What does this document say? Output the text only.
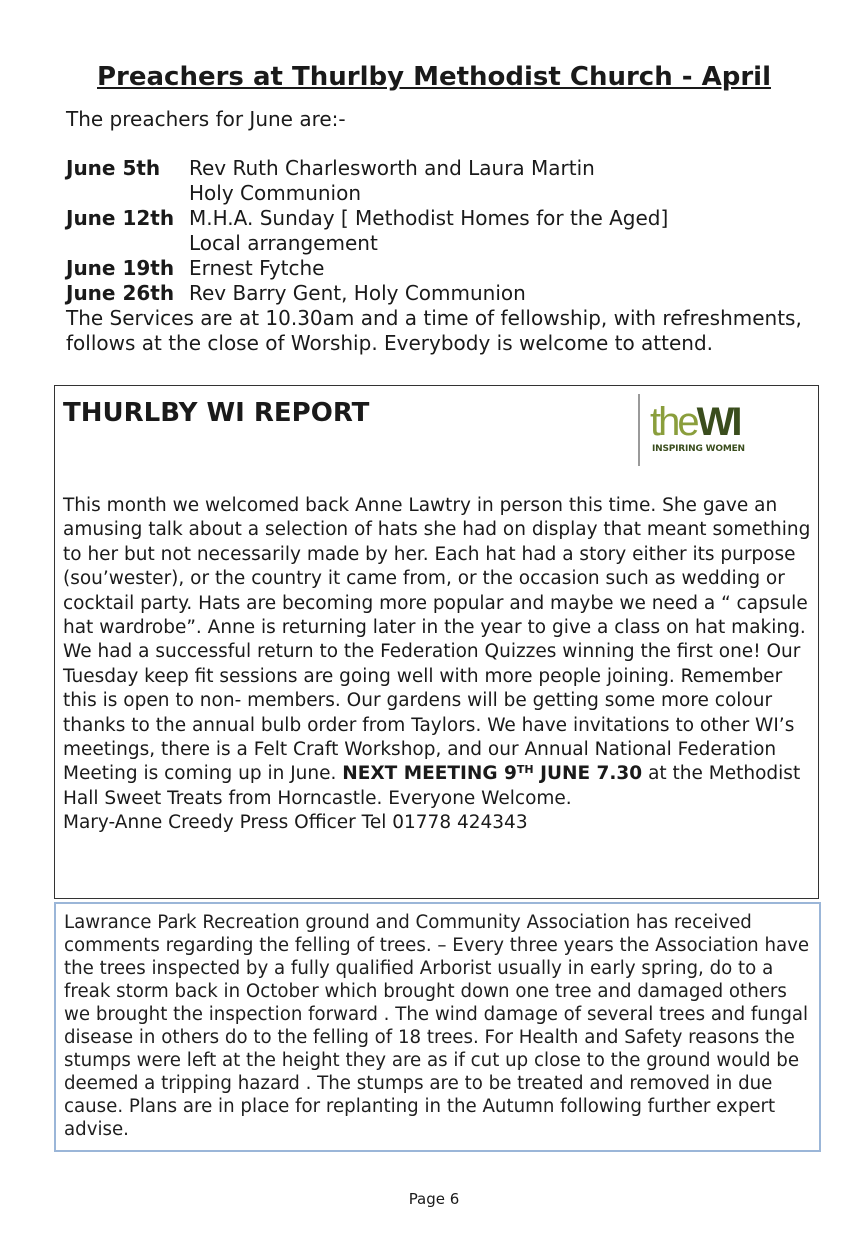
Preachers at Thurlby Methodist Church - April
The preachers for June are:-
June 5th	Rev Ruth Charlesworth and Laura Martin
Holy Communion
June 12th M.H.A. Sunday [ Methodist Homes for the Aged]
Local arrangement
June 19th Ernest Fytche
June 26th Rev Barry Gent, Holy Communion
The Services are at 10.30am and a time of fellowship, with refreshments, follows at the close of Worship. Everybody is welcome to attend.
THURLBY WI REPORT	theWI
INSPIRING WOMEN

This month we welcomed back Anne Lawtry in person this time. She gave an amusing talk about a selection of hats she had on display that meant something to her but not necessarily made by her. Each hat had a story either its purpose (sou’wester), or the country it came from, or the occasion such as wedding or cocktail party. Hats are becoming more popular and maybe we need a “ capsule hat wardrobe”. Anne is returning later in the year to give a class on hat making.

We had a successful return to the Federation Quizzes winning the first one! Our Tuesday keep fit sessions are going well with more people joining. Remember this is open to non- members. Our gardens will be getting some more colour thanks to the annual bulb order from Taylors. We have invitations to other WI’s meetings, there is a Felt Craft Workshop, and our Annual National Federation Meeting is coming up in June. NEXT MEETING 9TH JUNE 7.30 at the Methodist Hall Sweet Treats from Horncastle. Everyone Welcome.

Mary-Anne Creedy Press Officer Tel 01778 424343

Lawrance Park Recreation ground and Community Association has received comments regarding the felling of trees. – Every three years the Association have the trees inspected by a fully qualified Arborist usually in early spring, do to a freak storm back in October which brought down one tree and damaged others we brought the inspection forward . The wind damage of several trees and fungal disease in others do to the felling of 18 trees. For Health and Safety reasons the stumps were left at the height they are as if cut up close to the ground would be deemed a tripping hazard . The stumps are to be treated and removed in due cause. Plans are in place for replanting in the Autumn following further expert advise.
Page 6
